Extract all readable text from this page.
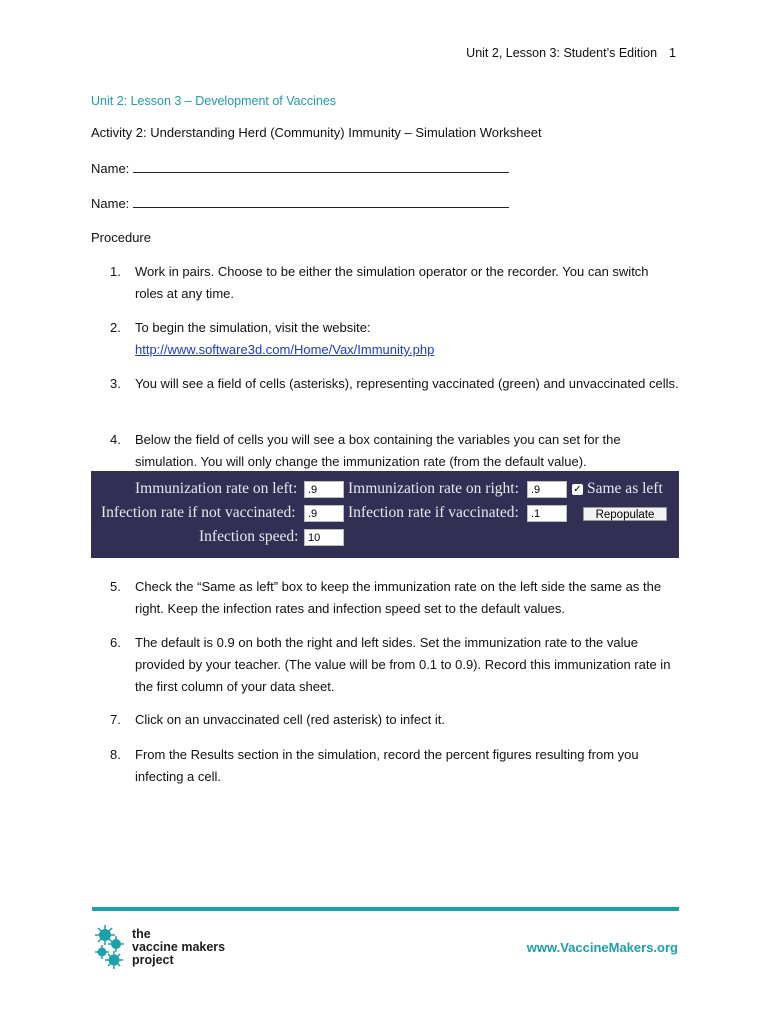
Unit 2, Lesson 3: Student’s Edition 1
Unit 2: Lesson 3 – Development of Vaccines
Activity 2: Understanding Herd (Community) Immunity – Simulation Worksheet
Name:
Name:
Procedure
1.	Work in pairs. Choose to be either the simulation operator or the recorder. You can switch roles at any time.
2.	To begin the simulation, visit the website:
http://www.software3d.com/Home/Vax/Immunity.php
3.	You will see a field of cells (asterisks), representing vaccinated (green) and unvaccinated cells.
4.	Below the field of cells you will see a box containing the variables you can set for the simulation. You will only change the immunization rate (from the default value).
Immunization rate on left: .9	Immunization rate on right:	.9	✓ Same as left
Infection rate if not vaccinated:	.9	Infection rate if vaccinated:	.1	Repopulate
Infection speed: 10
5.	Check the “Same as left” box to keep the immunization rate on the left side the same as the right. Keep the infection rates and infection speed set to the default values.
6.	The default is 0.9 on both the right and left sides. Set the immunization rate to the value provided by your teacher. (The value will be from 0.1 to 0.9). Record this immunization rate in the first column of your data sheet.
7.	Click on an unvaccinated cell (red asterisk) to infect it.
8.	From the Results section in the simulation, record the percent figures resulting from you infecting a cell.
the
vaccine makers
project
www.VaccineMakers.org
